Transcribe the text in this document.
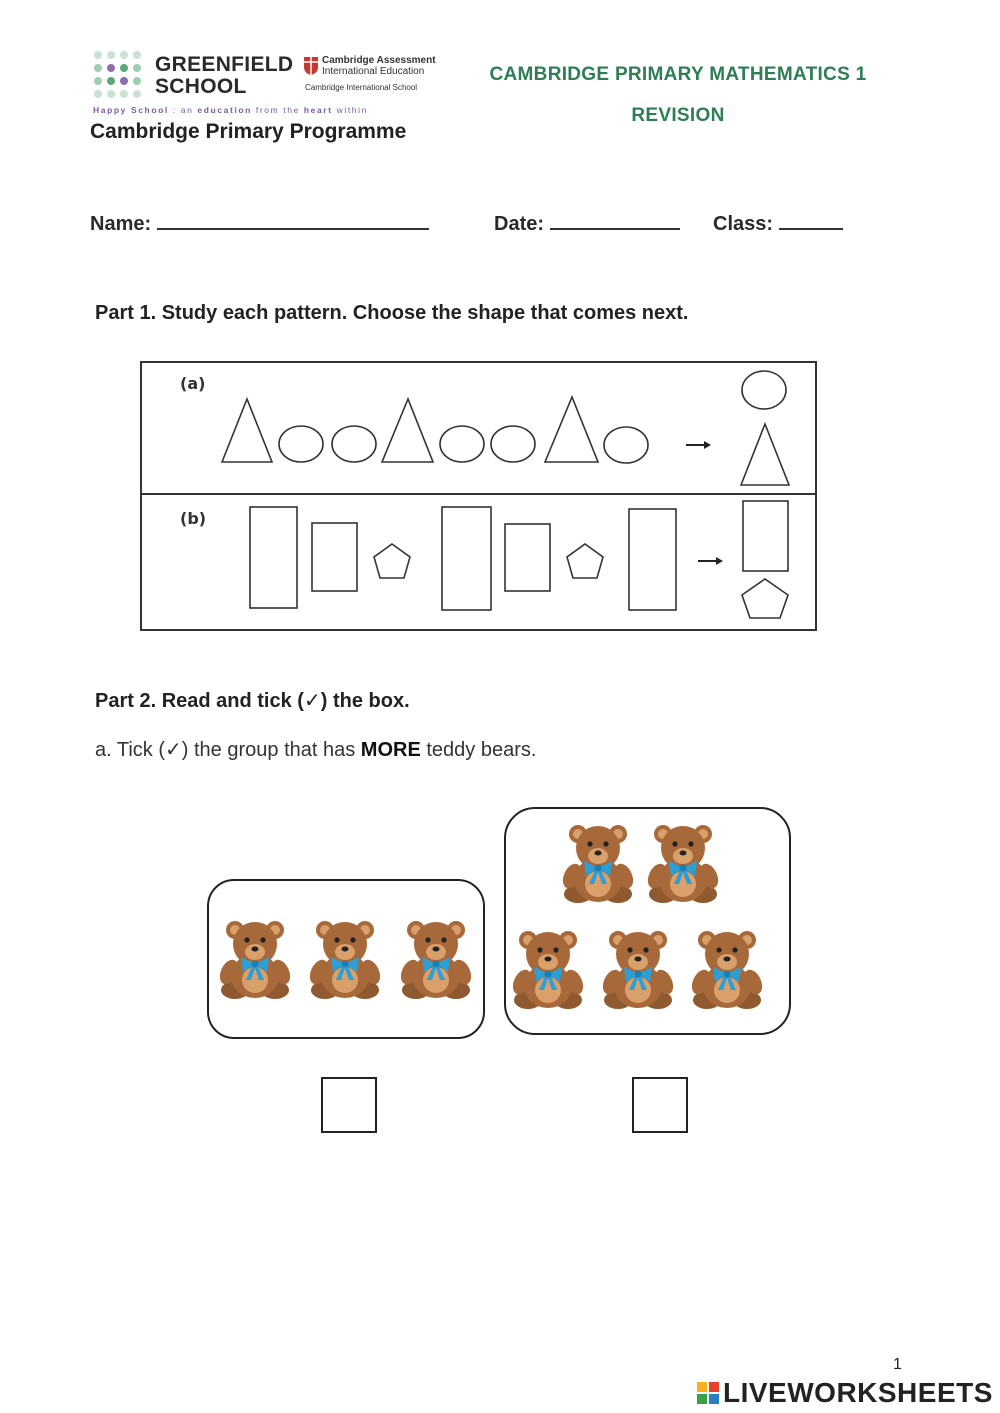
GREENFIELD
SCHOOL
Cambridge Assessment
International Education
Cambridge International School
Happy School : an education from the heart within
Cambridge Primary Programme
CAMBRIDGE PRIMARY MATHEMATICS 1
REVISION
Name:	Date:	Class:
Part 1. Study each pattern. Choose the shape that comes next.
(a)
(b)
Part 2. Read and tick (✓) the box.
a. Tick (✓) the group that has MORE teddy bears.
1
LIVEWORKSHEETS
